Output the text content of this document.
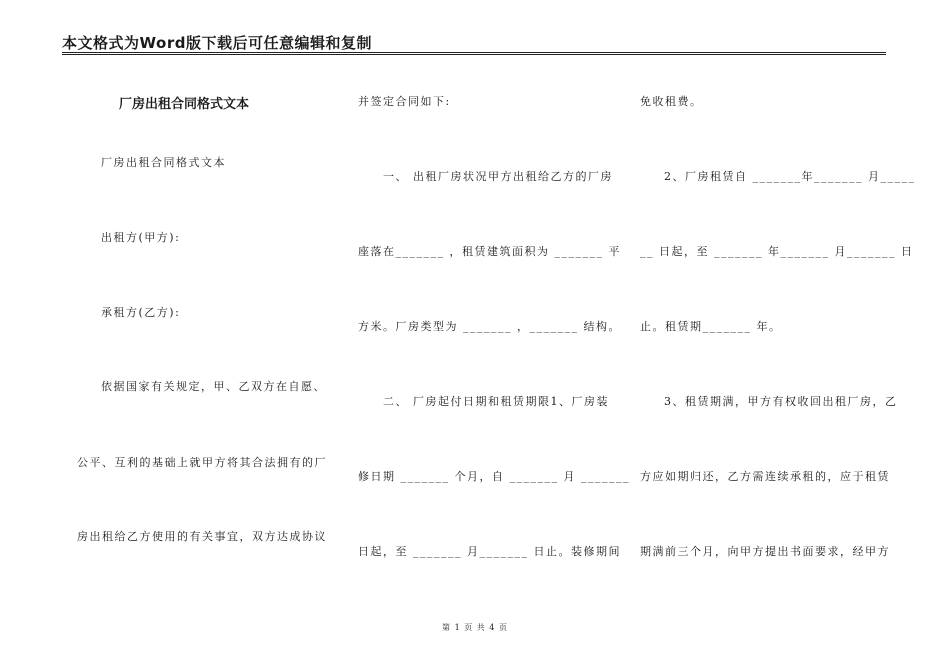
本文格式为Word版下载后可任意编辑和复制
厂房出租合同格式文本
厂房出租合同格式文本
出租方(甲方):
承租方(乙方):
依据国家有关规定，甲、乙双方在自愿、
公平、互利的基础上就甲方将其合法拥有的厂
房出租给乙方使用的有关事宜，双方达成协议
并签定合同如下:
一、 出租厂房状况甲方出租给乙方的厂房
座落在_______ ，租赁建筑面积为 _______ 平
方米。厂房类型为 _______ ，_______ 结构。
二、 厂房起付日期和租赁期限1、厂房装
修日期 _______ 个月，自 _______ 月 _______
日起，至 _______ 月_______ 日止。装修期间
免收租费。
2、厂房租赁自 _______年_______ 月_____
__ 日起，至 _______ 年_______ 月_______ 日
止。租赁期_______ 年。
3、租赁期满，甲方有权收回出租厂房，乙
方应如期归还，乙方需连续承租的，应于租赁
期满前三个月，向甲方提出书面要求，经甲方
第 1 页 共 4 页
